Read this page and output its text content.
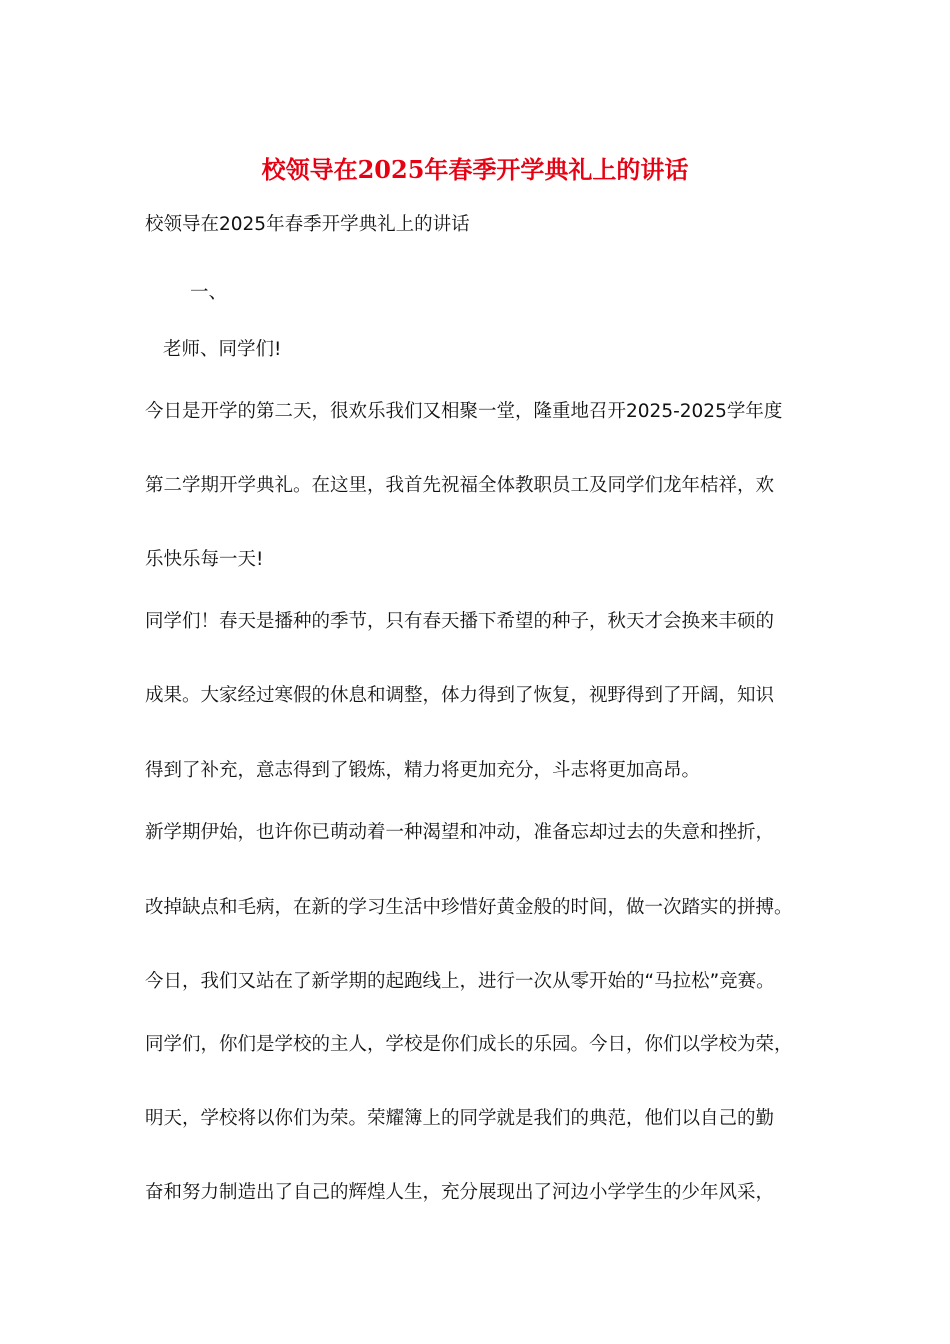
校领导在2025年春季开学典礼上的讲话
校领导在2025年春季开学典礼上的讲话
一、
老师、同学们!
今日是开学的第二天，很欢乐我们又相聚一堂，隆重地召开2025-2025学年度
第二学期开学典礼。在这里，我首先祝福全体教职员工及同学们龙年桔祥，欢
乐快乐每一天!
同学们！春天是播种的季节，只有春天播下希望的种子，秋天才会换来丰硕的
成果。大家经过寒假的休息和调整，体力得到了恢复，视野得到了开阔，知识
得到了补充，意志得到了锻炼，精力将更加充分，斗志将更加高昂。
新学期伊始，也许你已萌动着一种渴望和冲动，准备忘却过去的失意和挫折，
改掉缺点和毛病，在新的学习生活中珍惜好黄金般的时间，做一次踏实的拼搏。
今日，我们又站在了新学期的起跑线上，进行一次从零开始的“马拉松”竞赛。
同学们，你们是学校的主人，学校是你们成长的乐园。今日，你们以学校为荣，
明天，学校将以你们为荣。荣耀簿上的同学就是我们的典范，他们以自己的勤
奋和努力制造出了自己的辉煌人生，充分展现出了河边小学学生的少年风采，
